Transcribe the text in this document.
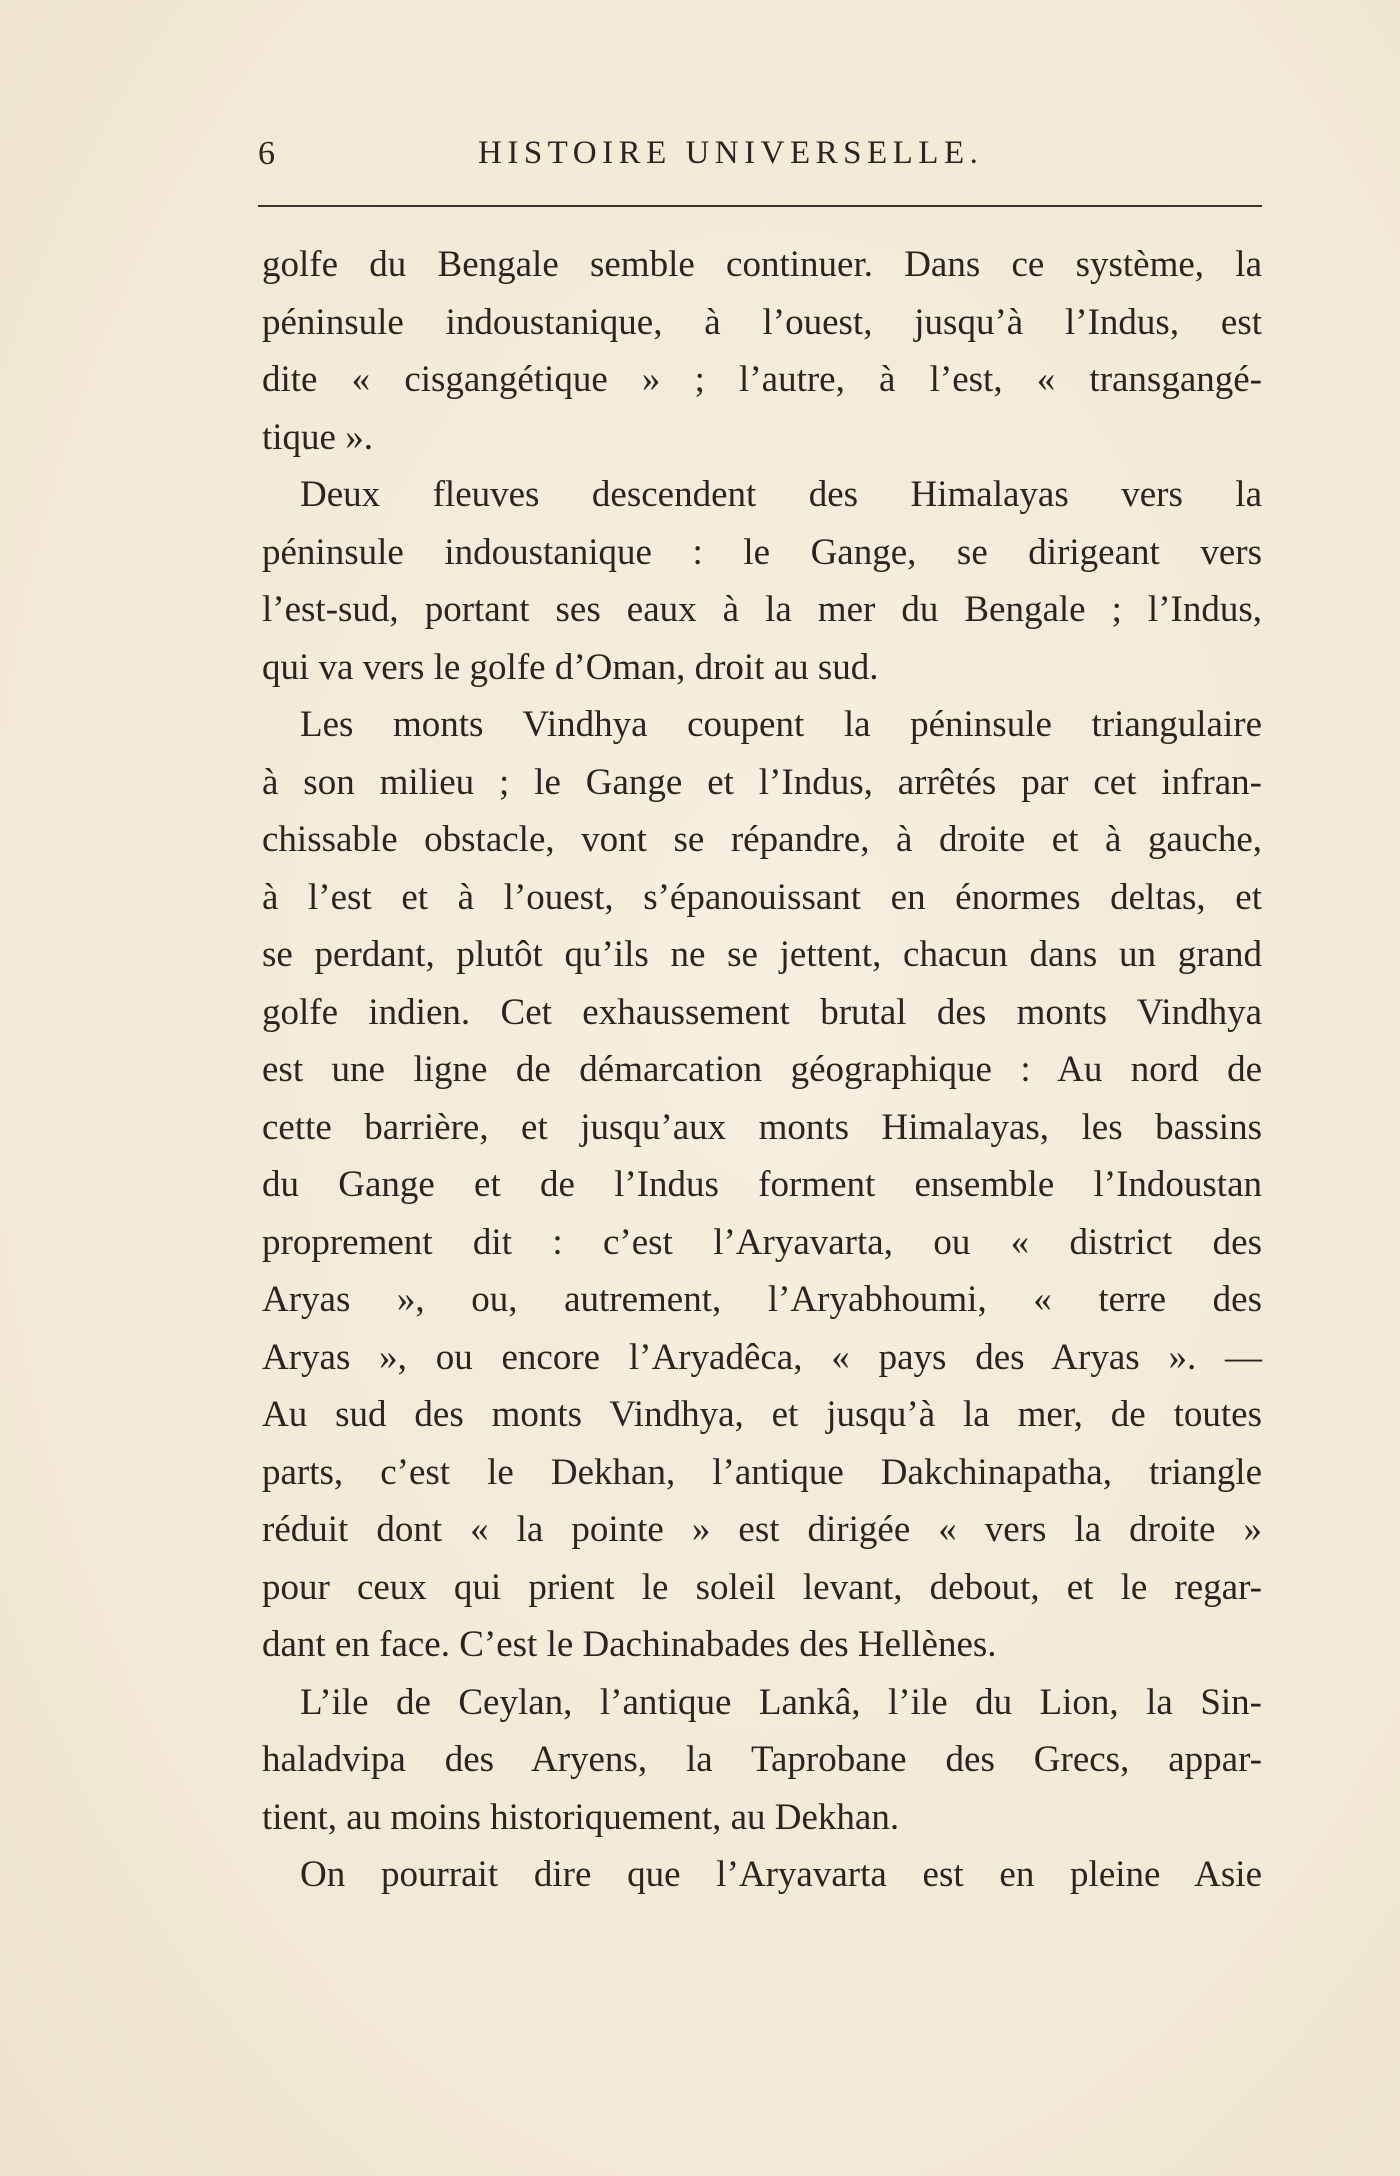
6	HISTOIRE UNIVERSELLE.
golfe du Bengale semble continuer. Dans ce système, la
péninsule indoustanique, à l’ouest, jusqu’à l’Indus, est
dite « cisgangétique » ; l’autre, à l’est, « transgangé-
tique ».
Deux fleuves descendent des Himalayas vers la
péninsule indoustanique : le Gange, se dirigeant vers
l’est-sud, portant ses eaux à la mer du Bengale ; l’Indus,
qui va vers le golfe d’Oman, droit au sud.
Les monts Vindhya coupent la péninsule triangulaire
à son milieu ; le Gange et l’Indus, arrêtés par cet infran-
chissable obstacle, vont se répandre, à droite et à gauche,
à l’est et à l’ouest, s’épanouissant en énormes deltas, et
se perdant, plutôt qu’ils ne se jettent, chacun dans un grand
golfe indien. Cet exhaussement brutal des monts Vindhya
est une ligne de démarcation géographique : Au nord de
cette barrière, et jusqu’aux monts Himalayas, les bassins
du Gange et de l’Indus forment ensemble l’Indoustan
proprement dit : c’est l’Aryavarta, ou « district des
Aryas », ou, autrement, l’Aryabhoumi, « terre des
Aryas », ou encore l’Aryadêca, « pays des Aryas ». —
Au sud des monts Vindhya, et jusqu’à la mer, de toutes
parts, c’est le Dekhan, l’antique Dakchinapatha, triangle
réduit dont « la pointe » est dirigée « vers la droite »
pour ceux qui prient le soleil levant, debout, et le regar-
dant en face. C’est le Dachinabades des Hellènes.
L’ile de Ceylan, l’antique Lankâ, l’ile du Lion, la Sin-
haladvipa des Aryens, la Taprobane des Grecs, appar-
tient, au moins historiquement, au Dekhan.
On pourrait dire que l’Aryavarta est en pleine Asie
